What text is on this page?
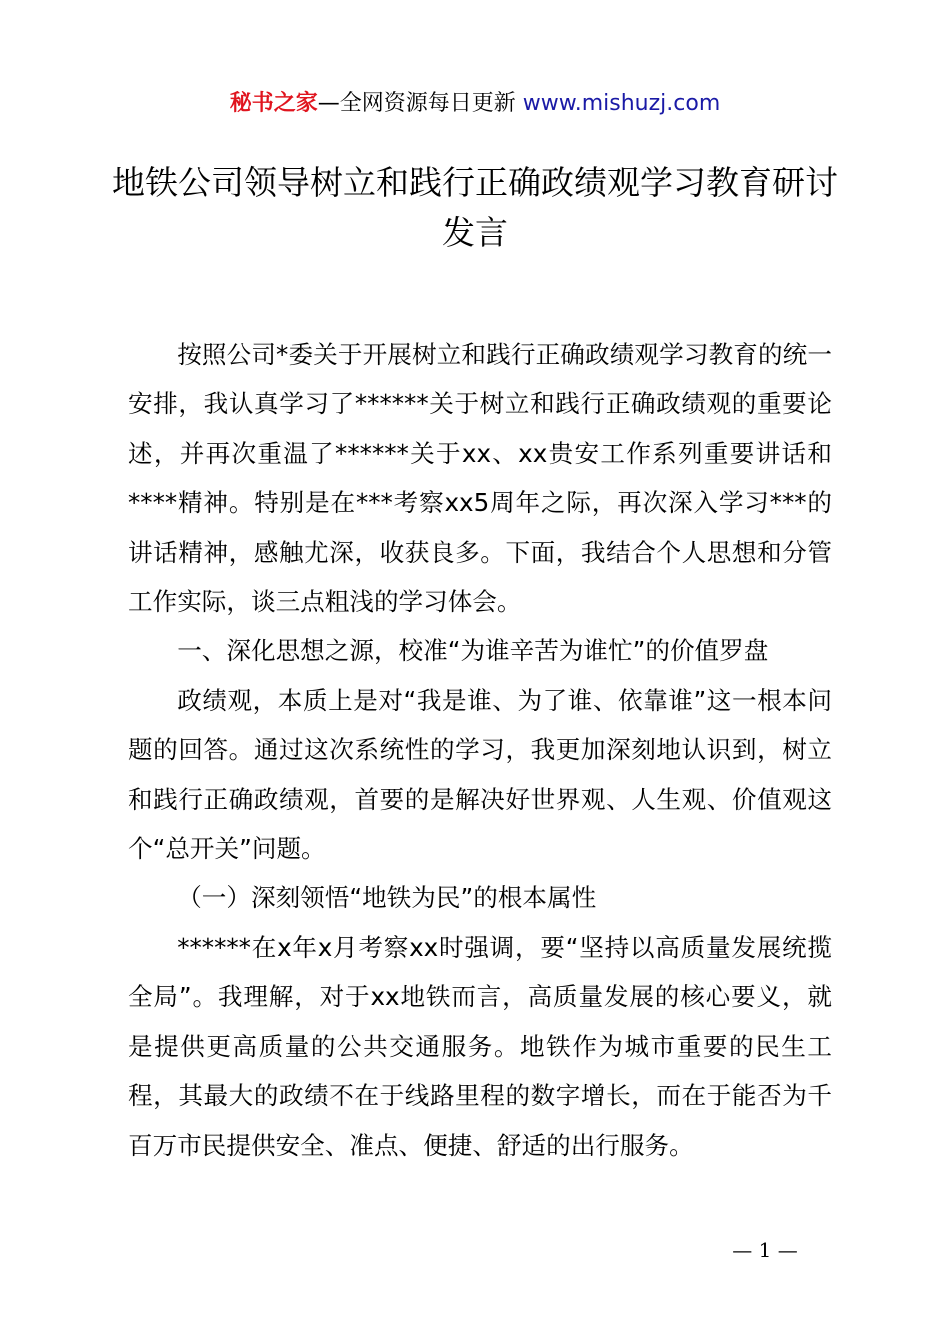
秘书之家—全网资源每日更新 www.mishuzj.com
地铁公司领导树立和践行正确政绩观学习教育研讨发言

按照公司*委关于开展树立和践行正确政绩观学习教育的统一安排，我认真学习了******关于树立和践行正确政绩观的重要论述，并再次重温了******关于xx、xx贵安工作系列重要讲话和****精神。特别是在***考察xx5周年之际，再次深入学习***的讲话精神，感触尤深，收获良多。下面，我结合个人思想和分管工作实际，谈三点粗浅的学习体会。

一、深化思想之源，校准“为谁辛苦为谁忙”的价值罗盘

政绩观，本质上是对“我是谁、为了谁、依靠谁”这一根本问题的回答。通过这次系统性的学习，我更加深刻地认识到，树立和践行正确政绩观，首要的是解决好世界观、人生观、价值观这个“总开关”问题。

（一）深刻领悟“地铁为民”的根本属性

******在x年x月考察xx时强调，要“坚持以高质量发展统揽全局”。我理解，对于xx地铁而言，高质量发展的核心要义，就是提供更高质量的公共交通服务。地铁作为城市重要的民生工程，其最大的政绩不在于线路里程的数字增长，而在于能否为千百万市民提供安全、准点、便捷、舒适的出行服务。

— 1 —
